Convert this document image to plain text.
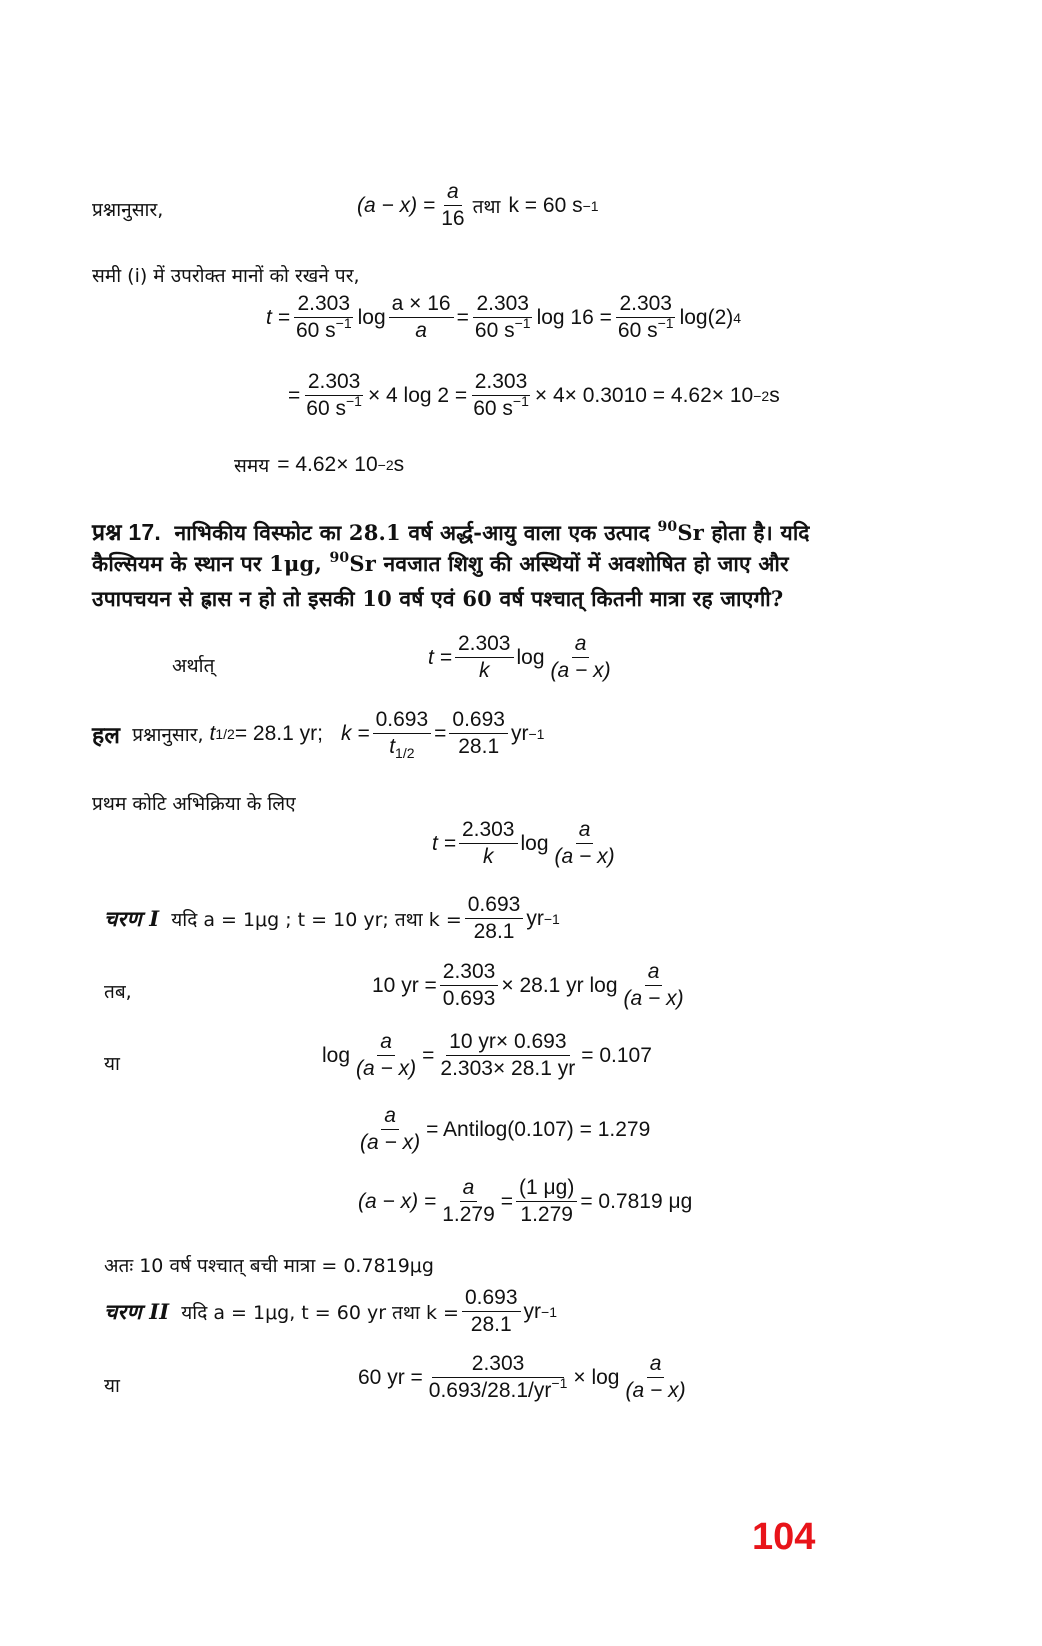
प्रश्नानुसार,	$(a - x) = \frac{a}{16}$ तथा k = 60 s −1
समी (i) में उपरोक्त मानों को रखने पर,
$t = \frac{2.303}{60 s^{-1}}$ $\log \frac{a \times 16}{a} = \frac{2.303}{60 s^{-1}}$ $\log 16 = \frac{2.303}{60 s^{-1}} \log(2)$ 4
= $\frac{2.303}{60 s^{-1}} \times 4$ $\log 2 = \frac{2.303}{60 s^{-1}} \times 4\times 0.3010 = 4.62\times 10 -2$ s
समय = 4.62× 10 −2 s
प्रश्न 17. नाभिकीय विस्फोट का 28.1 वर्ष अर्द्ध-आयु वाला एक उत्पाद $^{90}$Sr होता है। यदि
कैल्सियम के स्थान पर 1μg, $^{90}$Sr नवजात शिशु की अस्थियों में अवशोषित हो जाए और
उपापचयन से ह्रास न हो तो इसकी 10 वर्ष एवं 60 वर्ष पश्चात् कितनी मात्रा रह जाएगी?
अर्थात्	$t = \frac{2.303}{k}$ $\log \frac{a}{(a - x)}$
हल प्रश्नानुसार, t 1/2 = 28.1 yr; $k = \frac{0.693}{t_{1/2}} = \frac{0.693}{28.1}$ yr −1
प्रथम कोटि अभिक्रिया के लिए
$t = \frac{2.303}{k}$ $\log \frac{a}{(a - x)}$
चरण I यदि a = 1μg ; t = 10 yr; तथा $k = \frac{0.693}{28.1}$ yr −1
तब,	10 yr = $\frac{2.303}{0.693} \times 28.1$ yr $\log \frac{a}{(a - x)}$
या	$\log \frac{a}{(a - x)} = \frac{10 yr\times 0.693}{2.303\times 28.1 yr} = 0.107$
$\frac{a}{(a - x)}$ = Antilog(0.107) = 1.279
$(a - x) = \frac{a}{1.279} = \frac{(1 \mu g)}{1.279} = 0.7819$ μg
अतः 10 वर्ष पश्चात् बची मात्रा = 0.7819μg
चरण II यदि a = 1μg, t = 60 yr तथा $k = \frac{0.693}{28.1}$ yr −1
या	60 yr = $\frac{2.303}{0.693/28.1/yr^{-1}} \times \log \frac{a}{(a - x)}$
104
